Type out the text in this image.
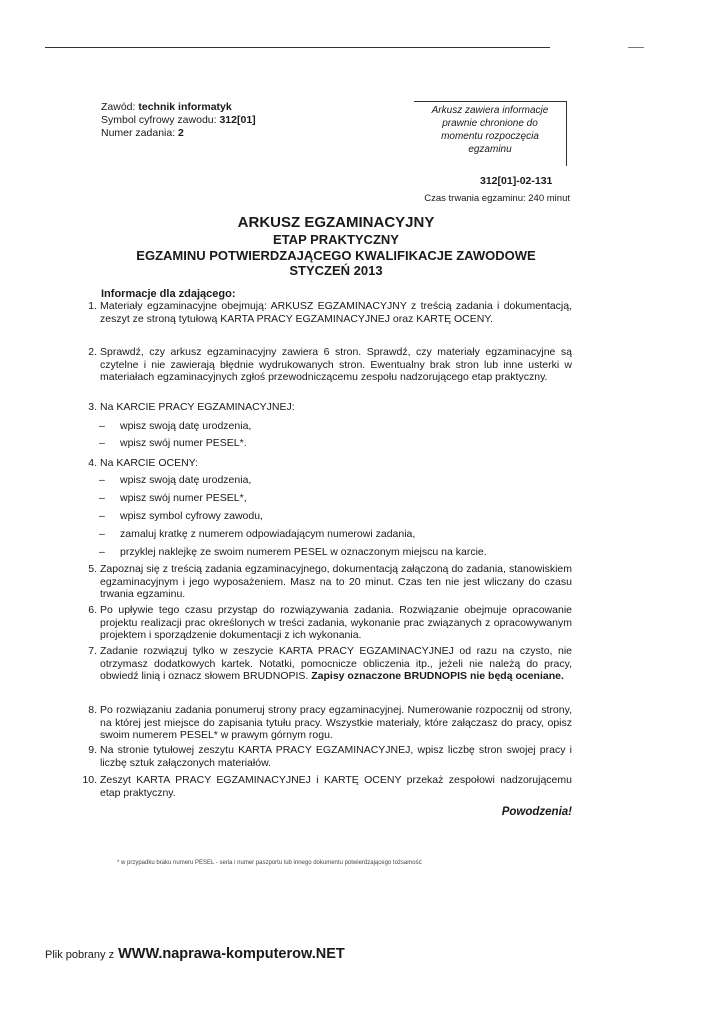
Zawód: technik informatyk
Symbol cyfrowy zawodu: 312[01]
Numer zadania: 2
Arkusz zawiera informacje
prawnie chronione do
momentu rozpoczęcia
egzaminu
312[01]-02-131
Czas trwania egzaminu: 240 minut
ARKUSZ EGZAMINACYJNY
ETAP PRAKTYCZNY
EGZAMINU POTWIERDZAJĄCEGO KWALIFIKACJE ZAWODOWE
STYCZEŃ 2013
Informacje dla zdającego:
1. Materiały egzaminacyjne obejmują: ARKUSZ EGZAMINACYJNY z treścią zadania i dokumentacją, zeszyt ze stroną tytułową KARTA PRACY EGZAMINACYJNEJ oraz KARTĘ OCENY.
2. Sprawdź, czy arkusz egzaminacyjny zawiera 6 stron. Sprawdź, czy materiały egzaminacyjne są czytelne i nie zawierają błędnie wydrukowanych stron. Ewentualny brak stron lub inne usterki w materiałach egzaminacyjnych zgłoś przewodniczącemu zespołu nadzorującego etap praktyczny.
3. Na KARCIE PRACY EGZAMINACYJNEJ:
– wpisz swoją datę urodzenia,
– wpisz swój numer PESEL*.
4. Na KARCIE OCENY:
– wpisz swoją datę urodzenia,
– wpisz swój numer PESEL*,
– wpisz symbol cyfrowy zawodu,
– zamaluj kratkę z numerem odpowiadającym numerowi zadania,
– przyklej naklejkę ze swoim numerem PESEL w oznaczonym miejscu na karcie.
5. Zapoznaj się z treścią zadania egzaminacyjnego, dokumentacją załączoną do zadania, stanowiskiem egzaminacyjnym i jego wyposażeniem. Masz na to 20 minut. Czas ten nie jest wliczany do czasu trwania egzaminu.
6. Po upływie tego czasu przystąp do rozwiązywania zadania. Rozwiązanie obejmuje opracowanie projektu realizacji prac określonych w treści zadania, wykonanie prac związanych z opracowywanym projektem i sporządzenie dokumentacji z ich wykonania.
7. Zadanie rozwiązuj tylko w zeszycie KARTA PRACY EGZAMINACYJNEJ od razu na czysto, nie otrzymasz dodatkowych kartek. Notatki, pomocnicze obliczenia itp., jeżeli nie należą do pracy, obwiedź linią i oznacz słowem BRUDNOPIS. Zapisy oznaczone BRUDNOPIS nie będą oceniane.
8. Po rozwiązaniu zadania ponumeruj strony pracy egzaminacyjnej. Numerowanie rozpocznij od strony, na której jest miejsce do zapisania tytułu pracy. Wszystkie materiały, które załączasz do pracy, opisz swoim numerem PESEL* w prawym górnym rogu.
9. Na stronie tytułowej zeszytu KARTA PRACY EGZAMINACYJNEJ, wpisz liczbę stron swojej pracy i liczbę sztuk załączonych materiałów.
10. Zeszyt KARTA PRACY EGZAMINACYJNEJ i KARTĘ OCENY przekaż zespołowi nadzorującemu etap praktyczny.
Powodzenia!
* w przypadku braku numeru PESEL - seria i numer paszportu lub innego dokumentu potwierdzającego tożsamość
Plik pobrany z WWW.naprawa-komputerow.NET
